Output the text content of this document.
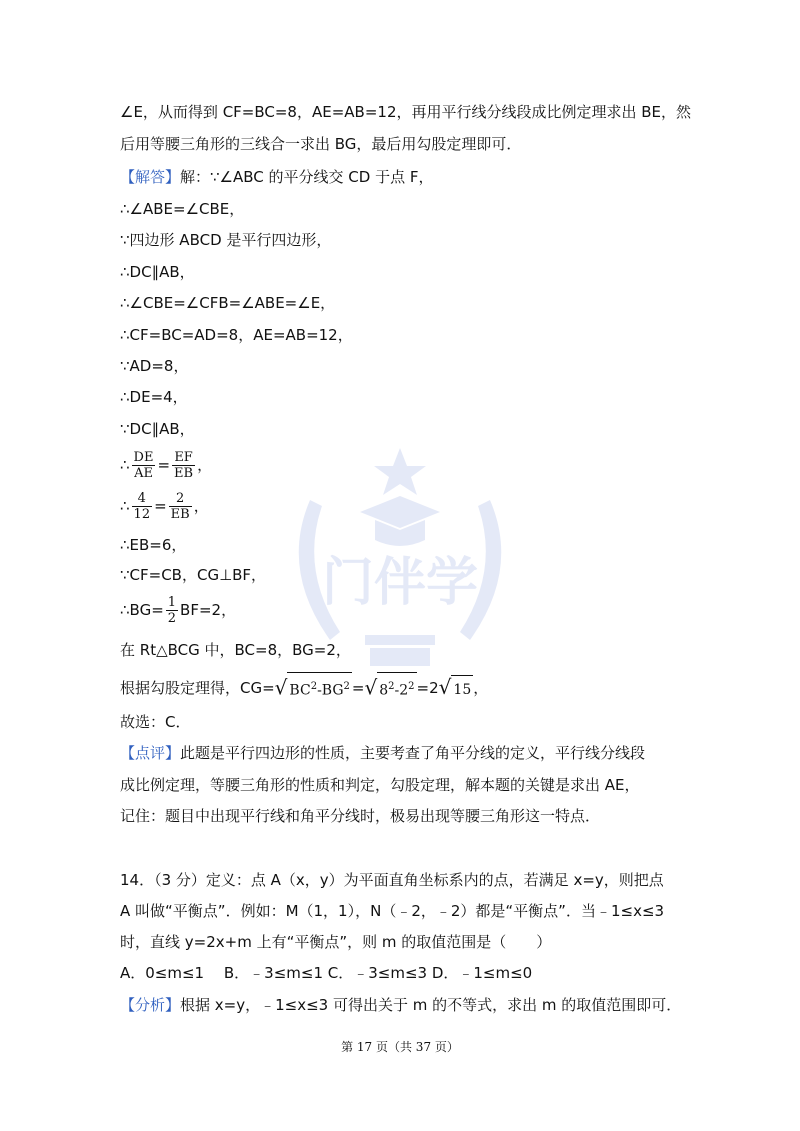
门伴学
∠E，从而得到 CF=BC=8，AE=AB=12，再用平行线分线段成比例定理求出 BE，然
后用等腰三角形的三线合一求出 BG，最后用勾股定理即可．
【解答】解：∵∠ABC 的平分线交 CD 于点 F，
∴∠ABE=∠CBE，
∵四边形 ABCD 是平行四边形，
∴DC∥AB，
∴∠CBE=∠CFB=∠ABE=∠E，
∴CF=BC=AD=8，AE=AB=12，
∵AD=8，
∴DE=4，
∵DC∥AB，
∴ $\frac{DE}{AE} = \frac{EF}{EB}$ ，
∴ $\frac{4}{12} = \frac{2}{EB}$ ，
∴EB=6，
∵CF=CB，CG⊥BF，
∴BG= $\frac{1}{2} BF=2$，
在 Rt△BCG 中，BC=8，BG=2，
根据勾股定理得，CG=√ $BC^2-BG^2$ =√ $8^2-2^2 =2√$ 15 ，
故选：C．
【点评】此题是平行四边形的性质，主要考查了角平分线的定义，平行线分线段
成比例定理，等腰三角形的性质和判定，勾股定理，解本题的关键是求出 AE，
记住：题目中出现平行线和角平分线时，极易出现等腰三角形这一特点．
14．（3 分）定义：点 A（x，y）为平面直角坐标系内的点，若满足 x=y，则把点
A 叫做“平衡点”．例如：M（1，1），N（﹣2，﹣2）都是“平衡点”．当﹣1≤x≤3
时，直线 y=2x+m 上有“平衡点”，则 m 的取值范围是（　　）
A．0≤m≤1　 B．﹣3≤m≤1 C．﹣3≤m≤3 D．﹣1≤m≤0
【分析】根据 x=y，﹣1≤x≤3 可得出关于 m 的不等式，求出 m 的取值范围即可．
第 17 页（共 37 页）
